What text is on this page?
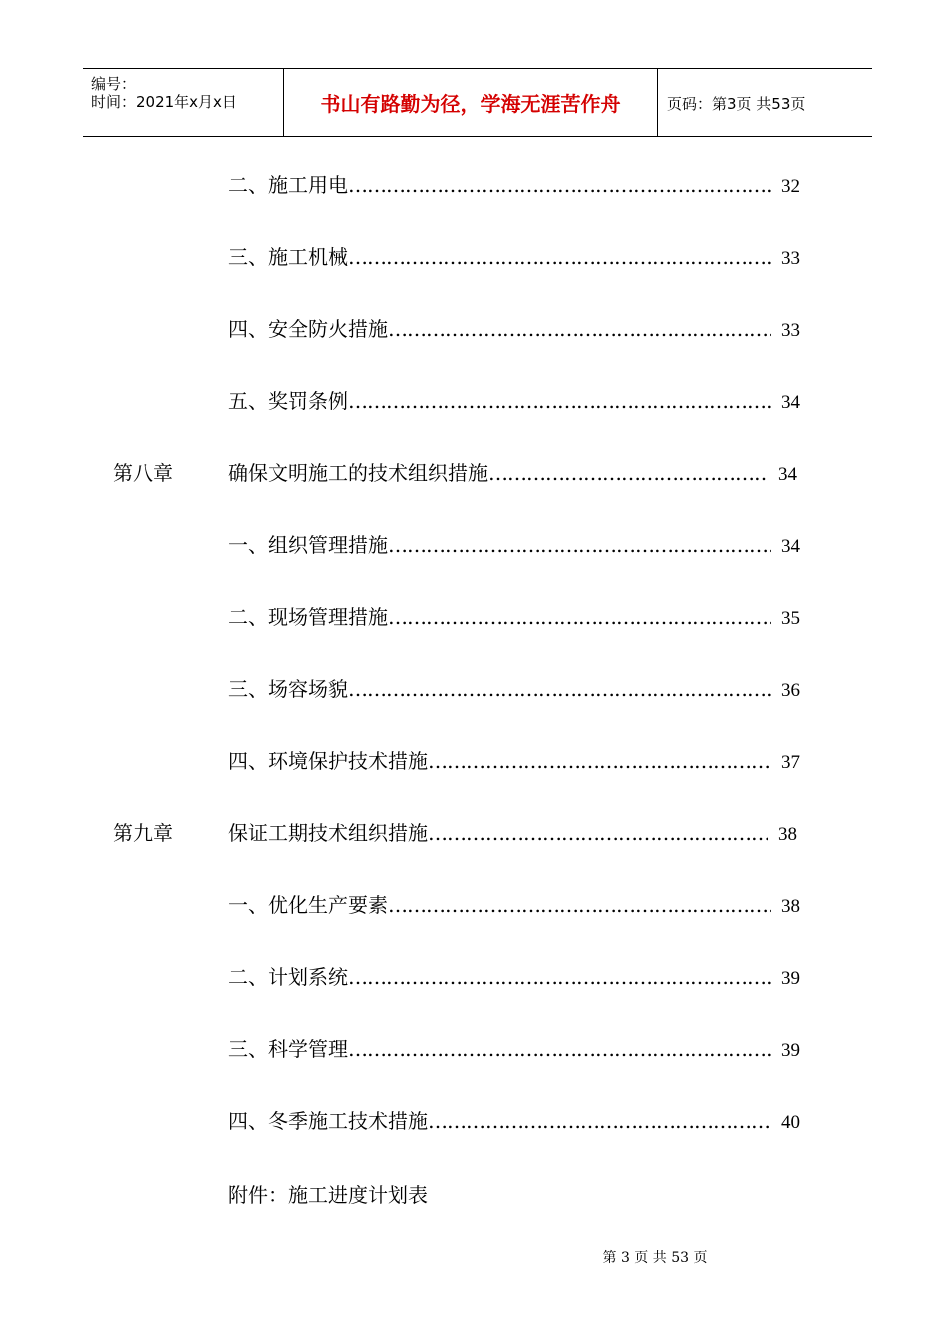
编号：
时间：2021年x月x日	书山有路勤为径，学海无涯苦作舟	页码：第3页 共53页
二、施工用电 ……………………………………………………………………………………………………………	32
三、施工机械 ……………………………………………………………………………………………………………	33
四、安全防火措施 ……………………………………………………………………………………………………………	33
五、奖罚条例 ……………………………………………………………………………………………………………	34
第八章	确保文明施工的技术组织措施 ……………………………………………………………………………………………………………	34
一、组织管理措施 ……………………………………………………………………………………………………………	34
二、现场管理措施 ……………………………………………………………………………………………………………	35
三、场容场貌 ……………………………………………………………………………………………………………	36
四、环境保护技术措施 ……………………………………………………………………………………………………………	37
第九章	保证工期技术组织措施 ……………………………………………………………………………………………………………	38
一、优化生产要素 ……………………………………………………………………………………………………………	38
二、计划系统 ……………………………………………………………………………………………………………	39
三、科学管理 ……………………………………………………………………………………………………………	39
四、冬季施工技术措施 ……………………………………………………………………………………………………………	40
附件：施工进度计划表
第 3 页 共 53 页
